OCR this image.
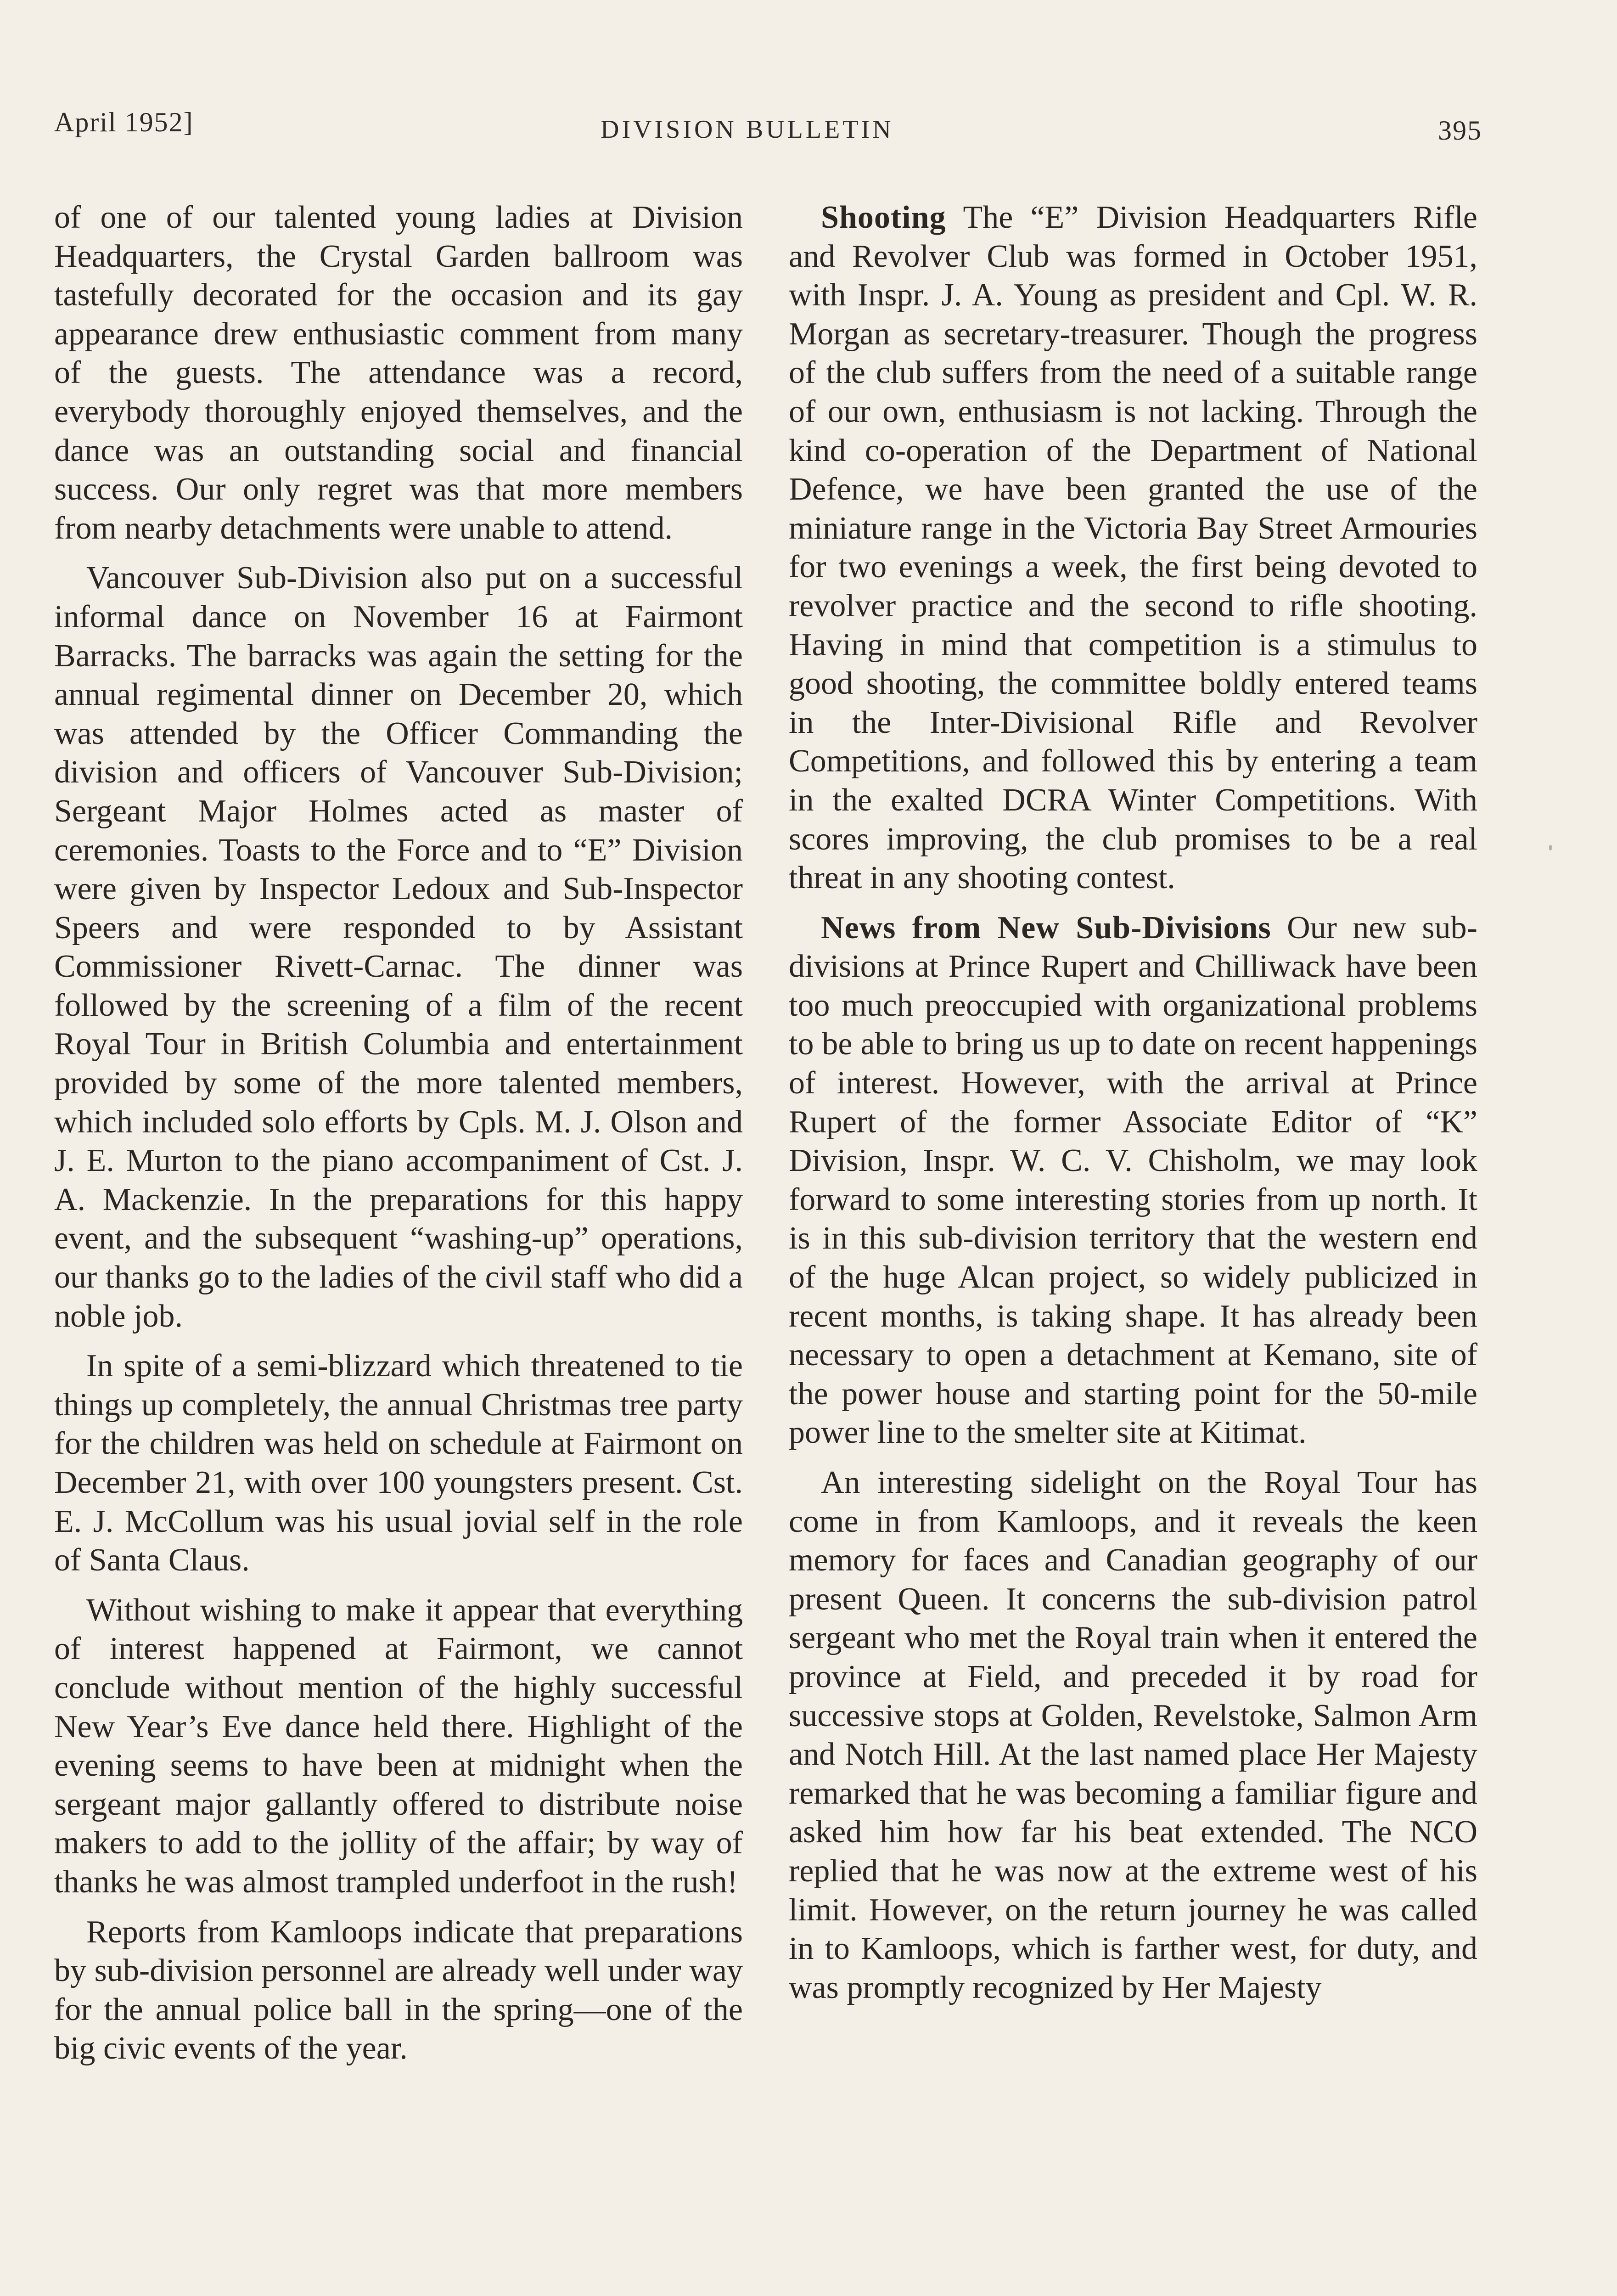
April 1952]	DIVISION BULLETIN	395

of one of our talented young ladies at Division Headquarters, the Crystal Garden ballroom was tastefully decorated for the occasion and its gay appearance drew enthusiastic comment from many of the guests. The attendance was a record, everybody thoroughly enjoyed themselves, and the dance was an outstanding social and financial success. Our only regret was that more members from nearby detachments were unable to attend.

Vancouver Sub-Division also put on a successful informal dance on November 16 at Fairmont Barracks. The barracks was again the setting for the annual regimental dinner on December 20, which was attended by the Officer Commanding the division and officers of Vancouver Sub-Division; Sergeant Major Holmes acted as master of ceremonies. Toasts to the Force and to “E” Division were given by Inspector Ledoux and Sub-Inspector Speers and were responded to by Assistant Commissioner Rivett-Carnac. The dinner was followed by the screening of a film of the recent Royal Tour in British Columbia and entertainment provided by some of the more talented members, which included solo efforts by Cpls. M. J. Olson and J. E. Murton to the piano accompaniment of Cst. J. A. Mackenzie. In the preparations for this happy event, and the subsequent “washing-up” operations, our thanks go to the ladies of the civil staff who did a noble job.

In spite of a semi-blizzard which threatened to tie things up completely, the annual Christmas tree party for the children was held on schedule at Fairmont on December 21, with over 100 youngsters present. Cst. E. J. McCollum was his usual jovial self in the role of Santa Claus.

Without wishing to make it appear that everything of interest happened at Fairmont, we cannot conclude without mention of the highly successful New Year’s Eve dance held there. Highlight of the evening seems to have been at midnight when the sergeant major gallantly offered to distribute noise makers to add to the jollity of the affair; by way of thanks he was almost trampled underfoot in the rush!

Reports from Kamloops indicate that preparations by sub-division personnel are already well under way for the annual police ball in the spring—one of the big civic events of the year.

Shooting The “E” Division Headquarters Rifle and Revolver Club was formed in October 1951, with Inspr. J. A. Young as president and Cpl. W. R. Morgan as secretary-treasurer. Though the progress of the club suffers from the need of a suitable range of our own, enthusiasm is not lacking. Through the kind co-operation of the Department of National Defence, we have been granted the use of the miniature range in the Victoria Bay Street Armouries for two evenings a week, the first being devoted to revolver practice and the second to rifle shooting. Having in mind that competition is a stimulus to good shooting, the committee boldly entered teams in the Inter-Divisional Rifle and Revolver Competitions, and followed this by entering a team in the exalted DCRA Winter Competitions. With scores improving, the club promises to be a real threat in any shooting contest.

News from New Sub-Divisions Our new sub-divisions at Prince Rupert and Chilliwack have been too much preoccupied with organizational problems to be able to bring us up to date on recent happenings of interest. However, with the arrival at Prince Rupert of the former Associate Editor of “K” Division, Inspr. W. C. V. Chisholm, we may look forward to some interesting stories from up north. It is in this sub-division territory that the western end of the huge Alcan project, so widely publicized in recent months, is taking shape. It has already been necessary to open a detachment at Kemano, site of the power house and starting point for the 50-mile power line to the smelter site at Kitimat.

An interesting sidelight on the Royal Tour has come in from Kamloops, and it reveals the keen memory for faces and Canadian geography of our present Queen. It concerns the sub-division patrol sergeant who met the Royal train when it entered the province at Field, and preceded it by road for successive stops at Golden, Revelstoke, Salmon Arm and Notch Hill. At the last named place Her Majesty remarked that he was becoming a familiar figure and asked him how far his beat extended. The NCO replied that he was now at the extreme west of his limit. However, on the return journey he was called in to Kamloops, which is farther west, for duty, and was promptly recognized by Her Majesty
